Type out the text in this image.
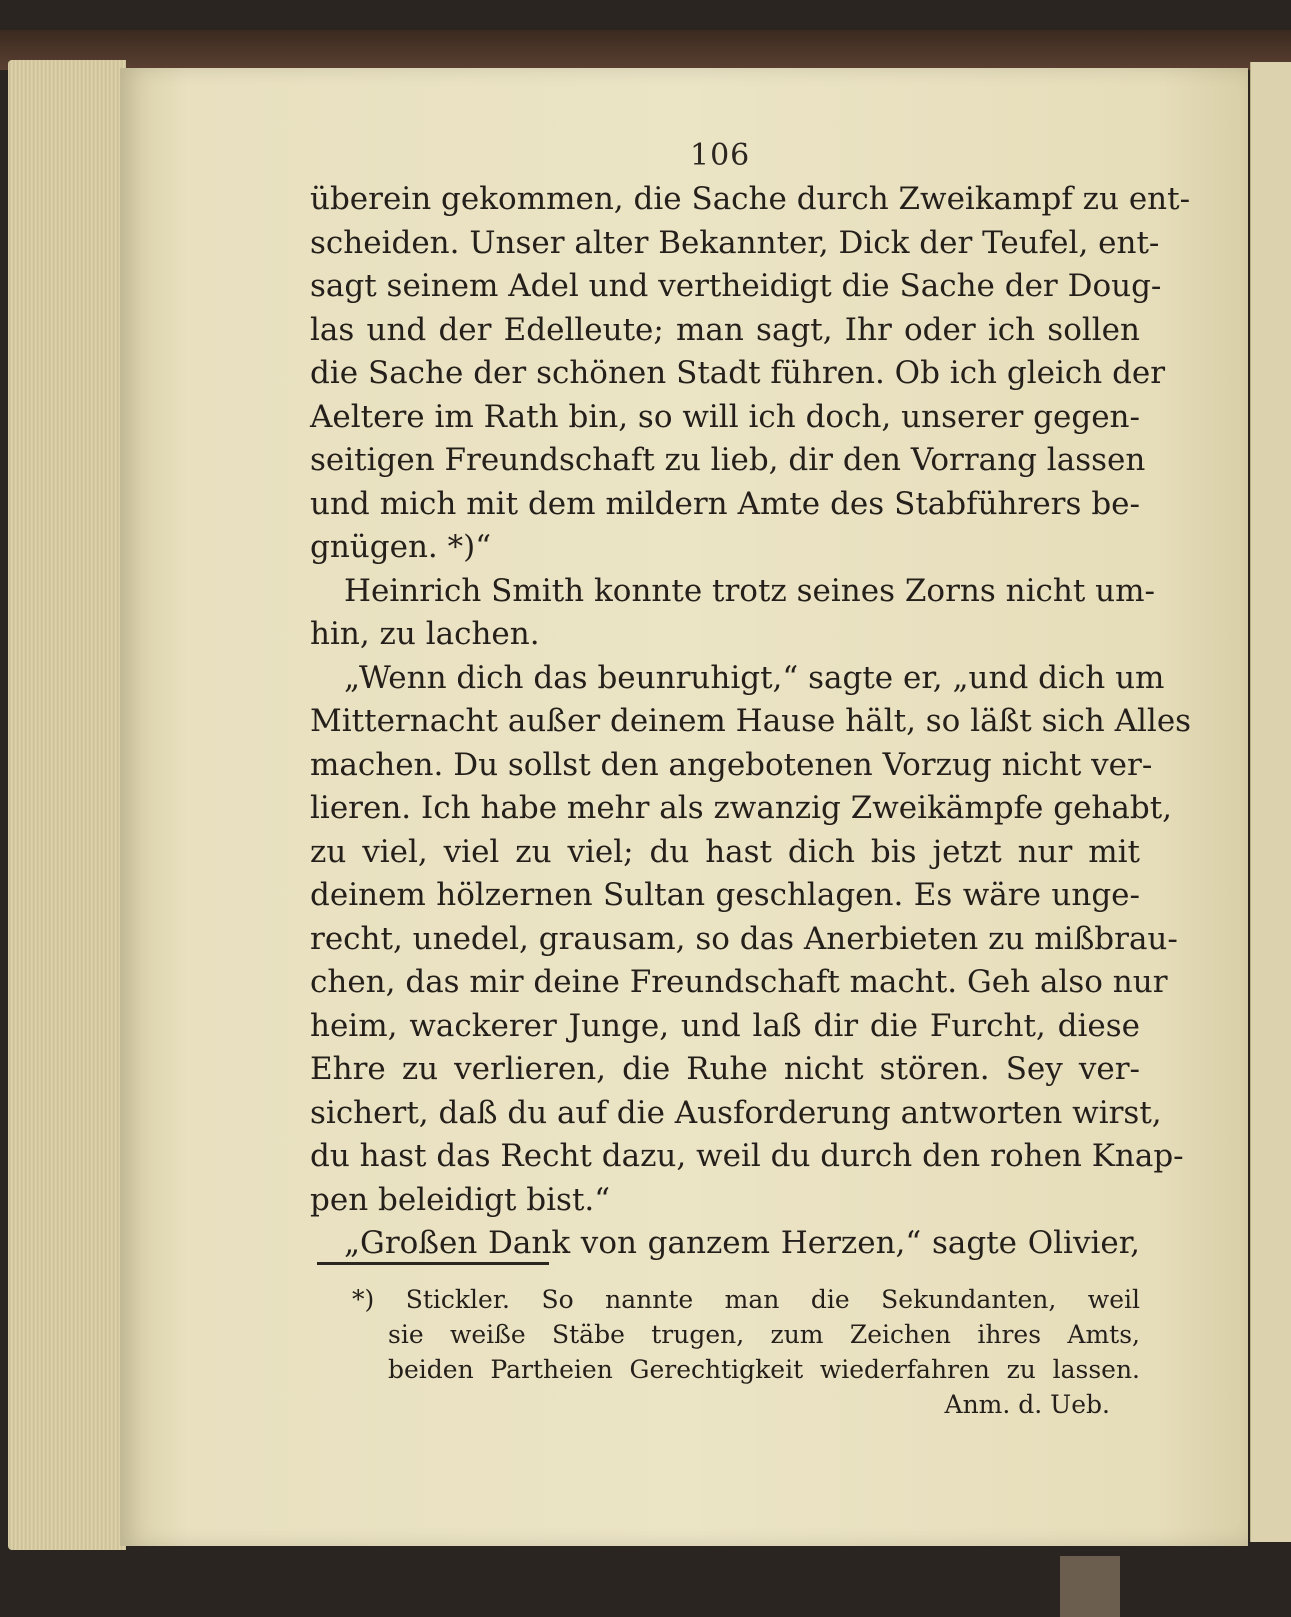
106
überein gekommen, die Sache durch Zweikampf zu ent-
scheiden. Unser alter Bekannter, Dick der Teufel, ent-
sagt seinem Adel und vertheidigt die Sache der Doug-
las und der Edelleute; man sagt, Ihr oder ich sollen
die Sache der schönen Stadt führen. Ob ich gleich der
Aeltere im Rath bin, so will ich doch, unserer gegen-
seitigen Freundschaft zu lieb, dir den Vorrang lassen
und mich mit dem mildern Amte des Stabführers be-
gnügen. *)“
Heinrich Smith konnte trotz seines Zorns nicht um-
hin, zu lachen.
„Wenn dich das beunruhigt,“ sagte er, „und dich um
Mitternacht außer deinem Hause hält, so läßt sich Alles
machen. Du sollst den angebotenen Vorzug nicht ver-
lieren. Ich habe mehr als zwanzig Zweikämpfe gehabt,
zu viel, viel zu viel; du hast dich bis jetzt nur mit
deinem hölzernen Sultan geschlagen. Es wäre unge-
recht, unedel, grausam, so das Anerbieten zu mißbrau-
chen, das mir deine Freundschaft macht. Geh also nur
heim, wackerer Junge, und laß dir die Furcht, diese
Ehre zu verlieren, die Ruhe nicht stören. Sey ver-
sichert, daß du auf die Ausforderung antworten wirst,
du hast das Recht dazu, weil du durch den rohen Knap-
pen beleidigt bist.“
„Großen Dank von ganzem Herzen,“ sagte Olivier,
*) Stickler. So nannte man die Sekundanten, weil
sie weiße Stäbe trugen, zum Zeichen ihres Amts,
beiden Partheien Gerechtigkeit wiederfahren zu lassen.
Anm. d. Ueb.
